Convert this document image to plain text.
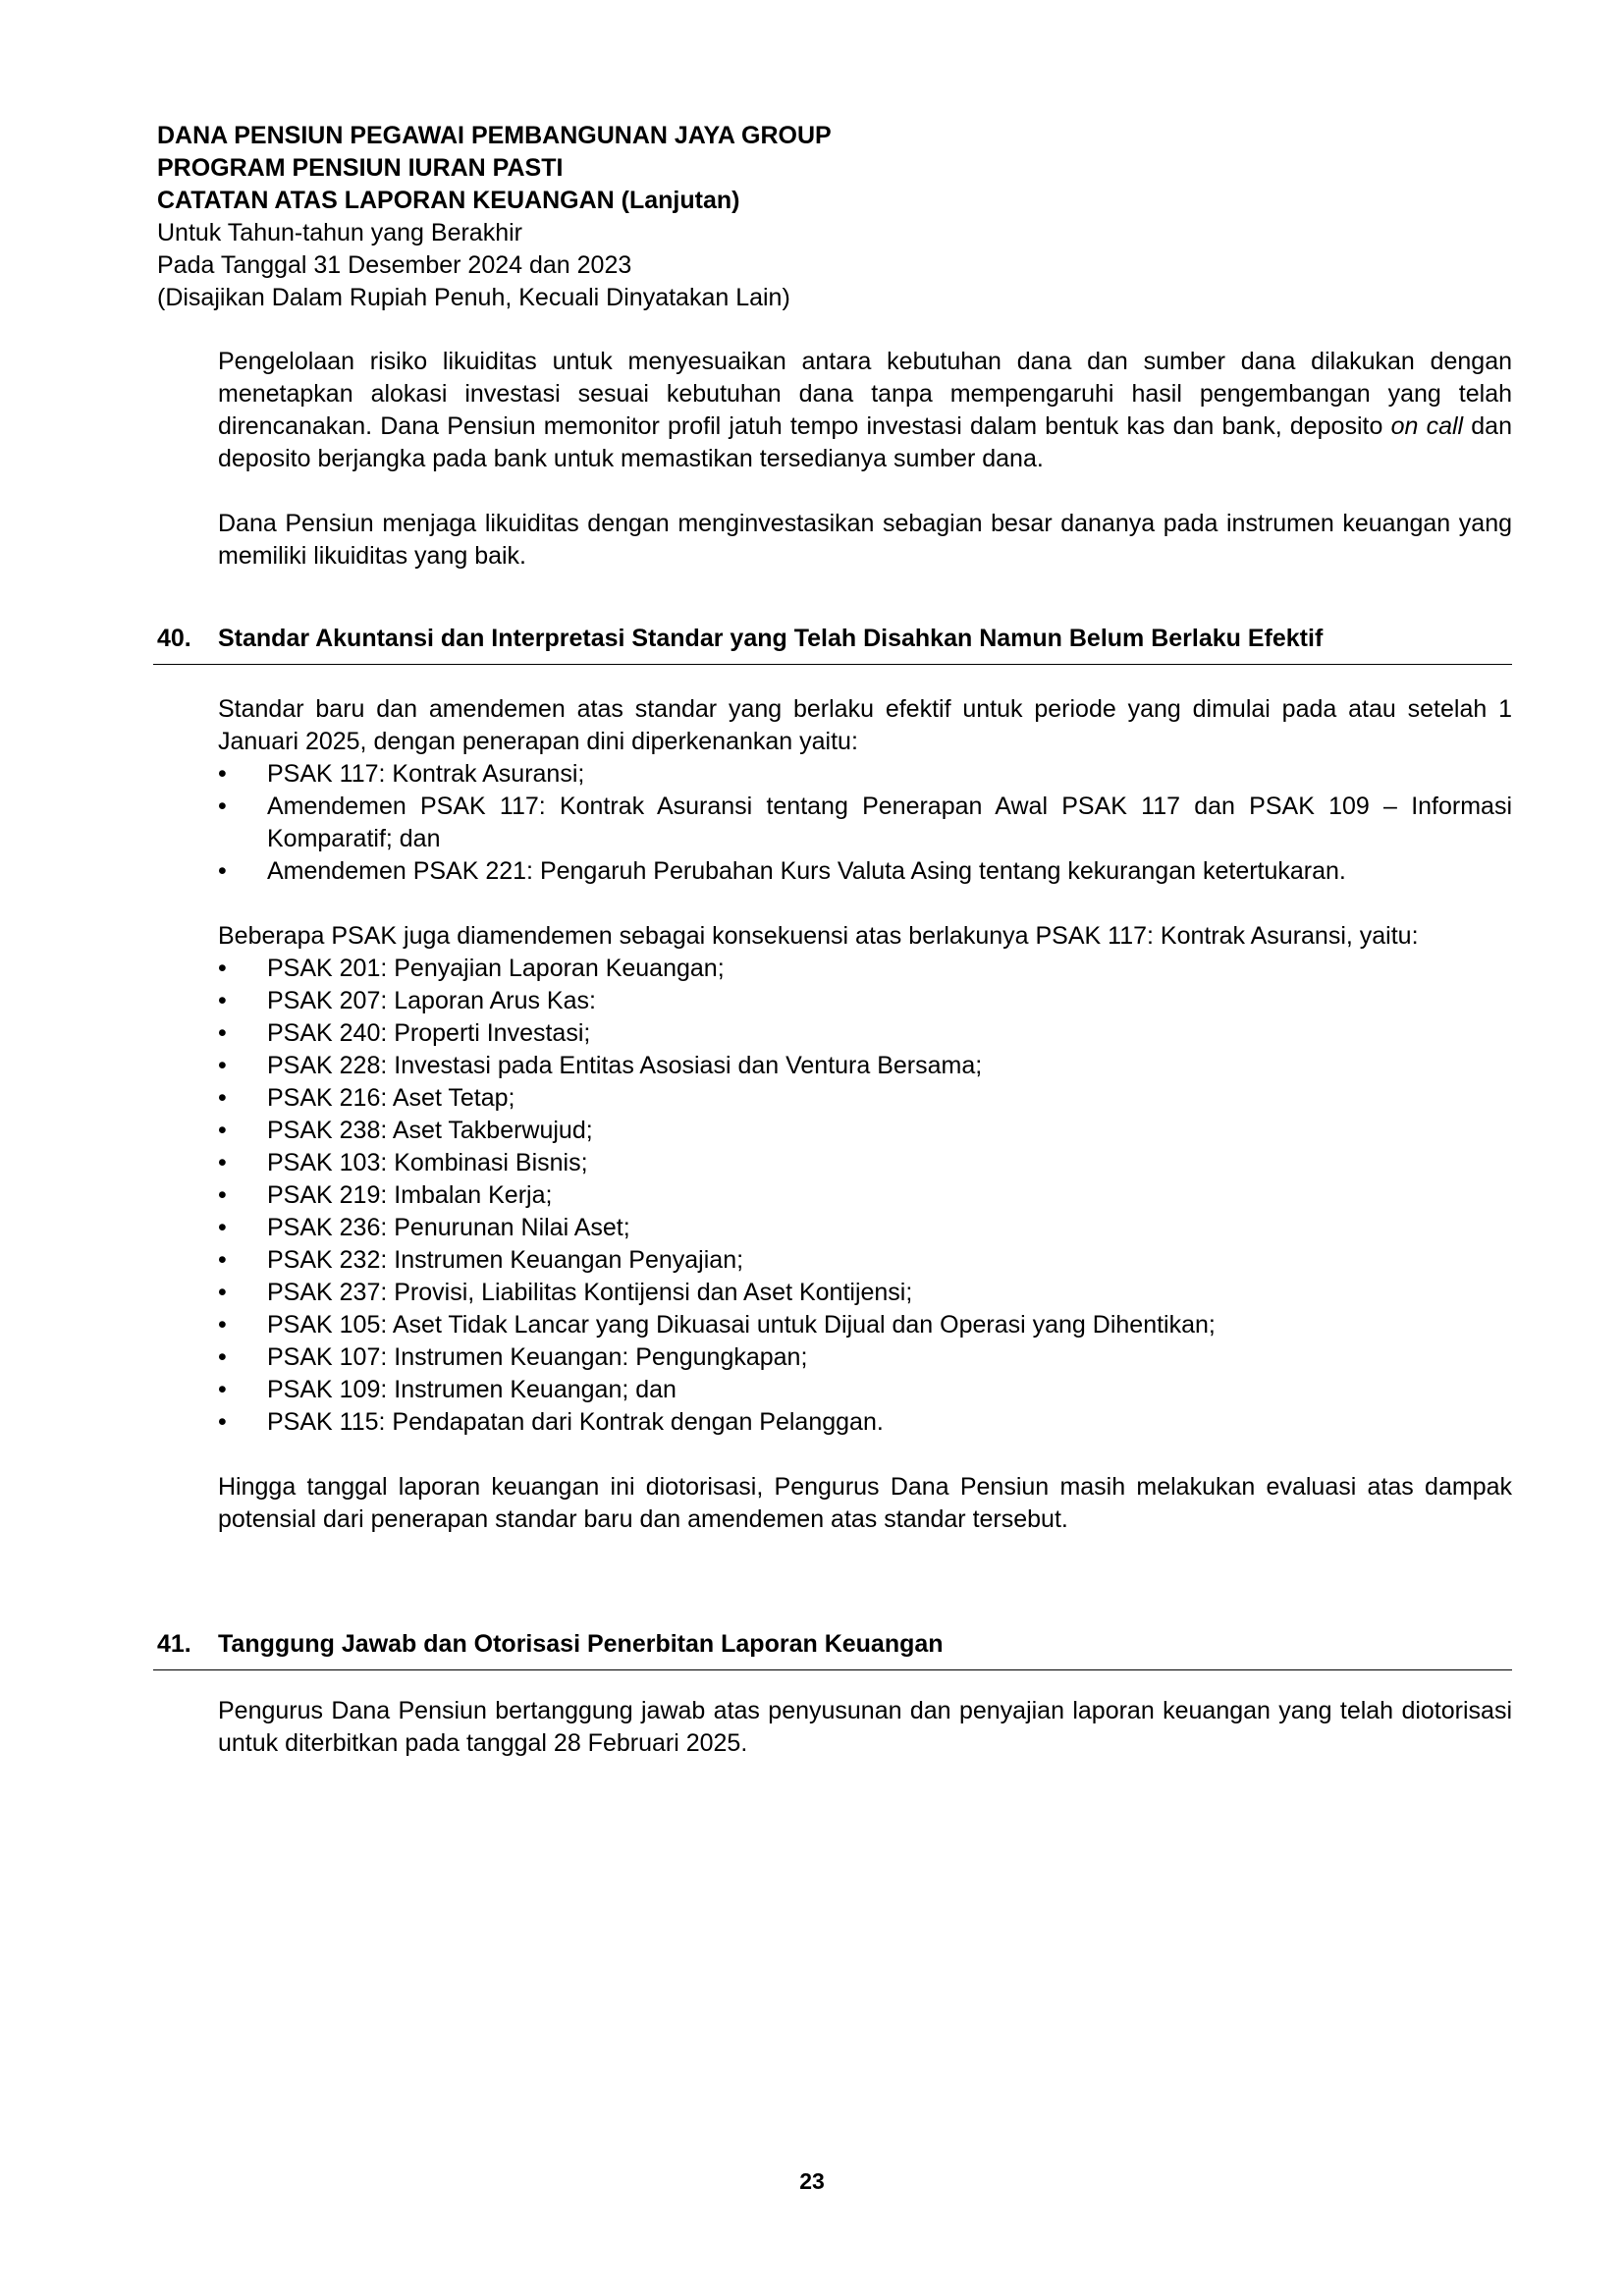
DANA PENSIUN PEGAWAI PEMBANGUNAN JAYA GROUP
PROGRAM PENSIUN IURAN PASTI
CATATAN ATAS LAPORAN KEUANGAN (Lanjutan)
Untuk Tahun-tahun yang Berakhir
Pada Tanggal 31 Desember 2024 dan 2023
(Disajikan Dalam Rupiah Penuh, Kecuali Dinyatakan Lain)

Pengelolaan risiko likuiditas untuk menyesuaikan antara kebutuhan dana dan sumber dana dilakukan dengan menetapkan alokasi investasi sesuai kebutuhan dana tanpa mempengaruhi hasil pengembangan yang telah direncanakan. Dana Pensiun memonitor profil jatuh tempo investasi dalam bentuk kas dan bank, deposito on call dan deposito berjangka pada bank untuk memastikan tersedianya sumber dana.

Dana Pensiun menjaga likuiditas dengan menginvestasikan sebagian besar dananya pada instrumen keuangan yang memiliki likuiditas yang baik.

40. Standar Akuntansi dan Interpretasi Standar yang Telah Disahkan Namun Belum Berlaku Efektif

Standar baru dan amendemen atas standar yang berlaku efektif untuk periode yang dimulai pada atau setelah 1 Januari 2025, dengan penerapan dini diperkenankan yaitu:

• PSAK 117: Kontrak Asuransi;
• Amendemen PSAK 117: Kontrak Asuransi tentang Penerapan Awal PSAK 117 dan PSAK 109 – Informasi Komparatif; dan
• Amendemen PSAK 221: Pengaruh Perubahan Kurs Valuta Asing tentang kekurangan ketertukaran.

Beberapa PSAK juga diamendemen sebagai konsekuensi atas berlakunya PSAK 117: Kontrak Asuransi, yaitu:

• PSAK 201: Penyajian Laporan Keuangan;
• PSAK 207: Laporan Arus Kas:
• PSAK 240: Properti Investasi;
• PSAK 228: Investasi pada Entitas Asosiasi dan Ventura Bersama;
• PSAK 216: Aset Tetap;
• PSAK 238: Aset Takberwujud;
• PSAK 103: Kombinasi Bisnis;
• PSAK 219: Imbalan Kerja;
• PSAK 236: Penurunan Nilai Aset;
• PSAK 232: Instrumen Keuangan Penyajian;
• PSAK 237: Provisi, Liabilitas Kontijensi dan Aset Kontijensi;
• PSAK 105: Aset Tidak Lancar yang Dikuasai untuk Dijual dan Operasi yang Dihentikan;
• PSAK 107: Instrumen Keuangan: Pengungkapan;
• PSAK 109: Instrumen Keuangan; dan
• PSAK 115: Pendapatan dari Kontrak dengan Pelanggan.

Hingga tanggal laporan keuangan ini diotorisasi, Pengurus Dana Pensiun masih melakukan evaluasi atas dampak potensial dari penerapan standar baru dan amendemen atas standar tersebut.

41. Tanggung Jawab dan Otorisasi Penerbitan Laporan Keuangan

Pengurus Dana Pensiun bertanggung jawab atas penyusunan dan penyajian laporan keuangan yang telah diotorisasi untuk diterbitkan pada tanggal 28 Februari 2025.

23
